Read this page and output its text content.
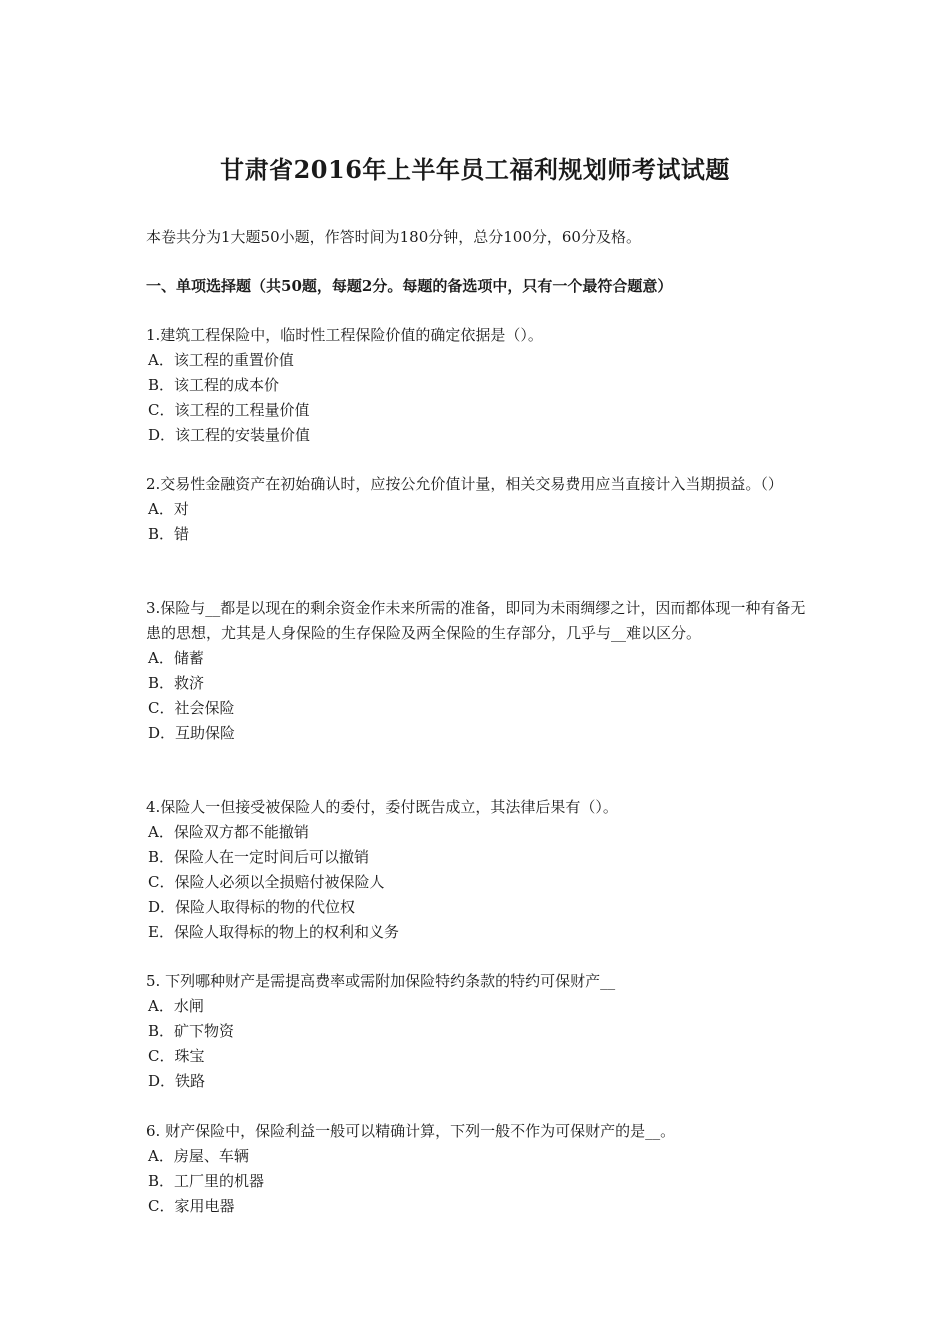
甘肃省2016年上半年员工福利规划师考试试题
本卷共分为1大题50小题，作答时间为180分钟，总分100分，60分及格。
一、单项选择题（共50题，每题2分。每题的备选项中，只有一个最符合题意）

1.建筑工程保险中，临时性工程保险价值的确定依据是（）。

A．该工程的重置价值

B．该工程的成本价

C．该工程的工程量价值

D．该工程的安装量价值

2.交易性金融资产在初始确认时，应按公允价值计量，相关交易费用应当直接计入当期损益。（）

A．对

B．错

3.保险与__都是以现在的剩余资金作未来所需的准备，即同为未雨绸缪之计，因而都体现一种有备无患的思想，尤其是人身保险的生存保险及两全保险的生存部分，几乎与__难以区分。

A．储蓄

B．救济

C．社会保险

D．互助保险

4.保险人一但接受被保险人的委付，委付既告成立，其法律后果有（）。

A．保险双方都不能撤销

B．保险人在一定时间后可以撤销

C．保险人必须以全损赔付被保险人

D．保险人取得标的物的代位权

E．保险人取得标的物上的权利和义务

5. 下列哪种财产是需提高费率或需附加保险特约条款的特约可保财产__

A．水闸

B．矿下物资

C．珠宝

D．铁路

6. 财产保险中，保险利益一般可以精确计算，下列一般不作为可保财产的是__。

A．房屋、车辆

B．工厂里的机器

C．家用电器
